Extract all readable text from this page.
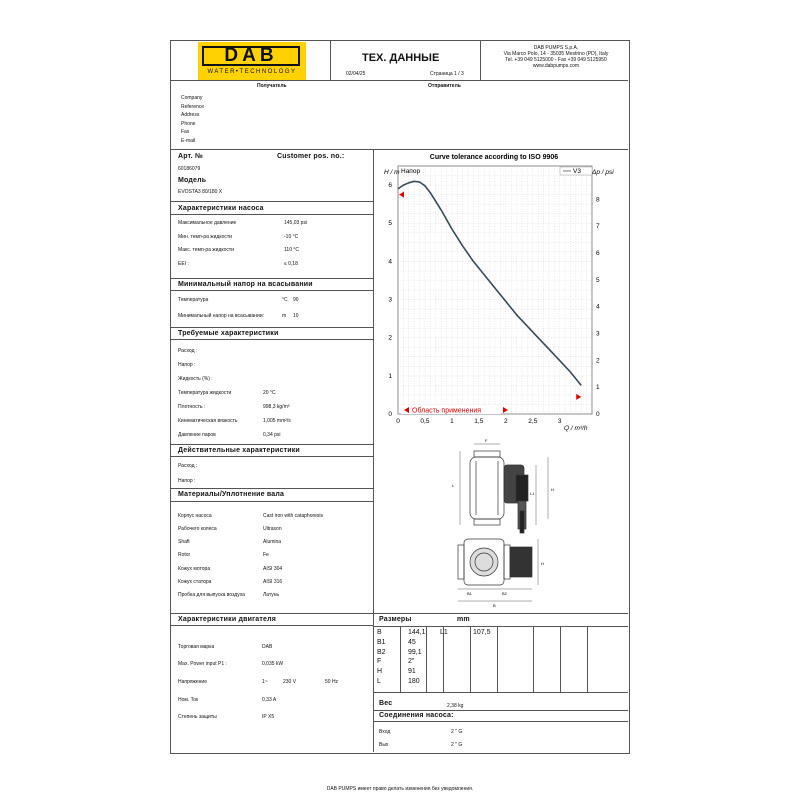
DAB
WATER•TECHNOLOGY
ТЕХ. ДАННЫЕ
02/04/25	Страница 1 / 3
DAB PUMPS S.p.A.
Via Marco Polo, 14 - 35035 Mestrino (PD), Italy
Tel. +39 049 5125000 - Fax +39 049 5125950
www.dabpumps.com
Получатель	Отправитель
Company
Reference
Address
Phone
Fax
E-mail
Арт. №	Customer pos. no.:
60186079
Модель
EVOSTA3 80/180 X
Характеристики насоса
Максимальное давление	145,03 psi
Мин. темп-ра жидкости	-10 °C
Макс. темп-ра жидкости	110 °C
EEI :	≤ 0,18
Минимальный напор на всасывании
Температура	°C 90
Минимальный напор на всасывании:	m 10
Требуемые характеристики
Расход :
Напор :
Жидкость (%) :
Температура жидкости	20 °C
Плотность :	998,3 kg/m³
Кинематическая вязкость	1,005 mm²/s
Давление паров	0,34 psi
Действительные характеристики
Расход :
Напор :
Материалы/Уплотнение вала
Корпус насоса	Cast iron with cataphoresis
Рабочего колеса	Ultrason
Shaft	Alumina
Rotor	Fe
Кожух мотора	AISI 304
Кожух статора	AISI 316
Пробка для выпуска воздуха	Латунь
Характеристики двигателя
Торговая марка	DAB
Max. Power input P1 :	0,035 kW
Напряжение	1~	230 V	50 Hz
Ном. Ток	0,33 A
Степень защиты	IP X5
Размеры	mm
B	144,1
B1	45
B2	99,1
F	2"
H	91
L	180
L1	107,5
Вес	2,38 kg
Соединения насоса:
Вход	2 " G
Вых	2 " G
Curve tolerance according to ISO 9906
H / m	Δp / psi
Q / m³/h
0	0,5	1	1,5	2	2,5	3
0
1
2
3
4
5
6
0
1
2
3
4
5
6
7
8
Напор	V3
Область применения
F
L
L1
H
B1	B2
B
H
DAB PUMPS имеет право делать изменения без уведомления.
